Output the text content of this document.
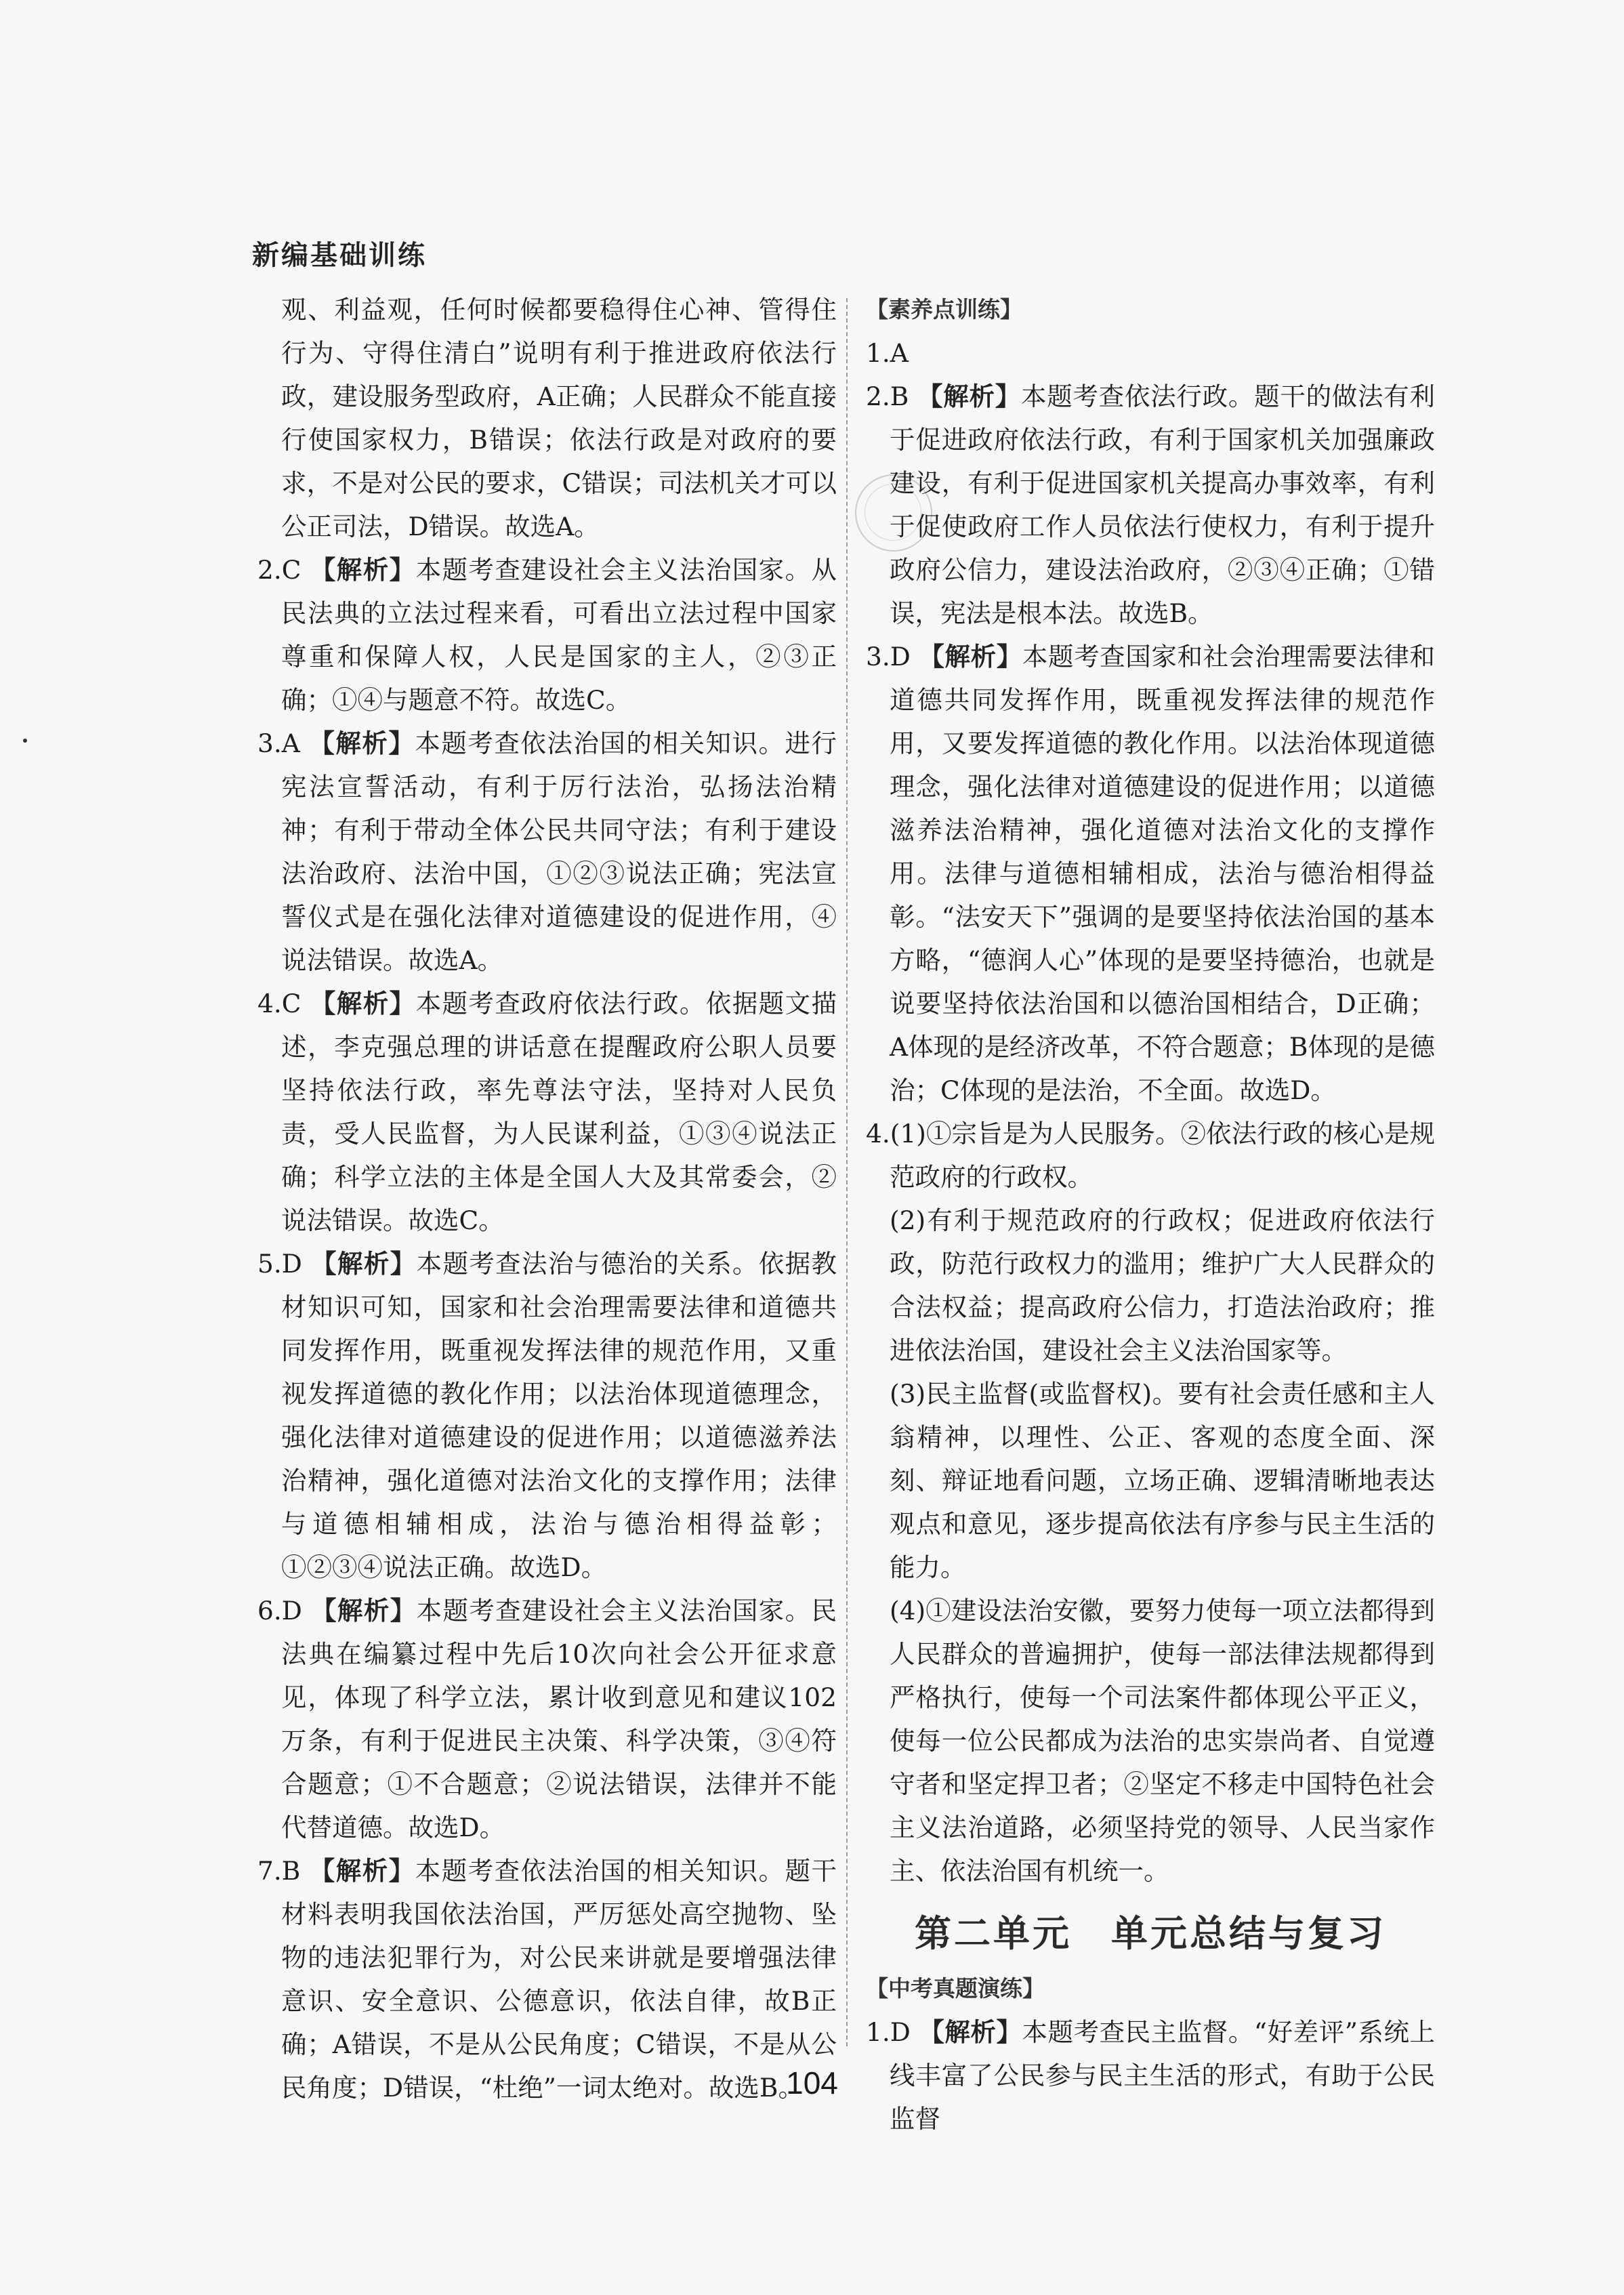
新编基础训练

观、利益观，任何时候都要稳得住心神、管得住行为、守得住清白”说明有利于推进政府依法行政，建设服务型政府，A正确；人民群众不能直接行使国家权力，B错误；依法行政是对政府的要求，不是对公民的要求，C错误；司法机关才可以公正司法，D错误。故选A。

2.C 【解析】本题考查建设社会主义法治国家。从民法典的立法过程来看，可看出立法过程中国家尊重和保障人权，人民是国家的主人，②③正确；①④与题意不符。故选C。

3.A 【解析】本题考查依法治国的相关知识。进行宪法宣誓活动，有利于厉行法治，弘扬法治精神；有利于带动全体公民共同守法；有利于建设法治政府、法治中国，①②③说法正确；宪法宣誓仪式是在强化法律对道德建设的促进作用，④说法错误。故选A。

4.C 【解析】本题考查政府依法行政。依据题文描述，李克强总理的讲话意在提醒政府公职人员要坚持依法行政，率先尊法守法，坚持对人民负责，受人民监督，为人民谋利益，①③④说法正确；科学立法的主体是全国人大及其常委会，②说法错误。故选C。

5.D 【解析】本题考查法治与德治的关系。依据教材知识可知，国家和社会治理需要法律和道德共同发挥作用，既重视发挥法律的规范作用，又重视发挥道德的教化作用；以法治体现道德理念，强化法律对道德建设的促进作用；以道德滋养法治精神，强化道德对法治文化的支撑作用；法律与道德相辅相成，法治与德治相得益彰；①②③④说法正确。故选D。

6.D 【解析】本题考查建设社会主义法治国家。民法典在编纂过程中先后10次向社会公开征求意见，体现了科学立法，累计收到意见和建议102万条，有利于促进民主决策、科学决策，③④符合题意；①不合题意；②说法错误，法律并不能代替道德。故选D。

7.B 【解析】本题考查依法治国的相关知识。题干材料表明我国依法治国，严厉惩处高空抛物、坠物的违法犯罪行为，对公民来讲就是要增强法律意识、安全意识、公德意识，依法自律，故B正确；A错误，不是从公民角度；C错误，不是从公民角度；D错误，“杜绝”一词太绝对。故选B。

【素养点训练】

1.A

2.B 【解析】本题考查依法行政。题干的做法有利于促进政府依法行政，有利于国家机关加强廉政建设，有利于促进国家机关提高办事效率，有利于促使政府工作人员依法行使权力，有利于提升政府公信力，建设法治政府，②③④正确；①错误，宪法是根本法。故选B。

3.D 【解析】本题考查国家和社会治理需要法律和道德共同发挥作用，既重视发挥法律的规范作用，又要发挥道德的教化作用。以法治体现道德理念，强化法律对道德建设的促进作用；以道德滋养法治精神，强化道德对法治文化的支撑作用。法律与道德相辅相成，法治与德治相得益彰。“法安天下”强调的是要坚持依法治国的基本方略，“德润人心”体现的是要坚持德治，也就是说要坚持依法治国和以德治国相结合，D正确；A体现的是经济改革，不符合题意；B体现的是德治；C体现的是法治，不全面。故选D。

4.(1)①宗旨是为人民服务。②依法行政的核心是规范政府的行政权。

(2)有利于规范政府的行政权；促进政府依法行政，防范行政权力的滥用；维护广大人民群众的合法权益；提高政府公信力，打造法治政府；推进依法治国，建设社会主义法治国家等。

(3)民主监督(或监督权)。要有社会责任感和主人翁精神，以理性、公正、客观的态度全面、深刻、辩证地看问题，立场正确、逻辑清晰地表达观点和意见，逐步提高依法有序参与民主生活的能力。

(4)①建设法治安徽，要努力使每一项立法都得到人民群众的普遍拥护，使每一部法律法规都得到严格执行，使每一个司法案件都体现公平正义，使每一位公民都成为法治的忠实崇尚者、自觉遵守者和坚定捍卫者；②坚定不移走中国特色社会主义法治道路，必须坚持党的领导、人民当家作主、依法治国有机统一。

第二单元　单元总结与复习

【中考真题演练】

1.D 【解析】本题考查民主监督。“好差评”系统上线丰富了公民参与民主生活的形式，有助于公民监督

104
